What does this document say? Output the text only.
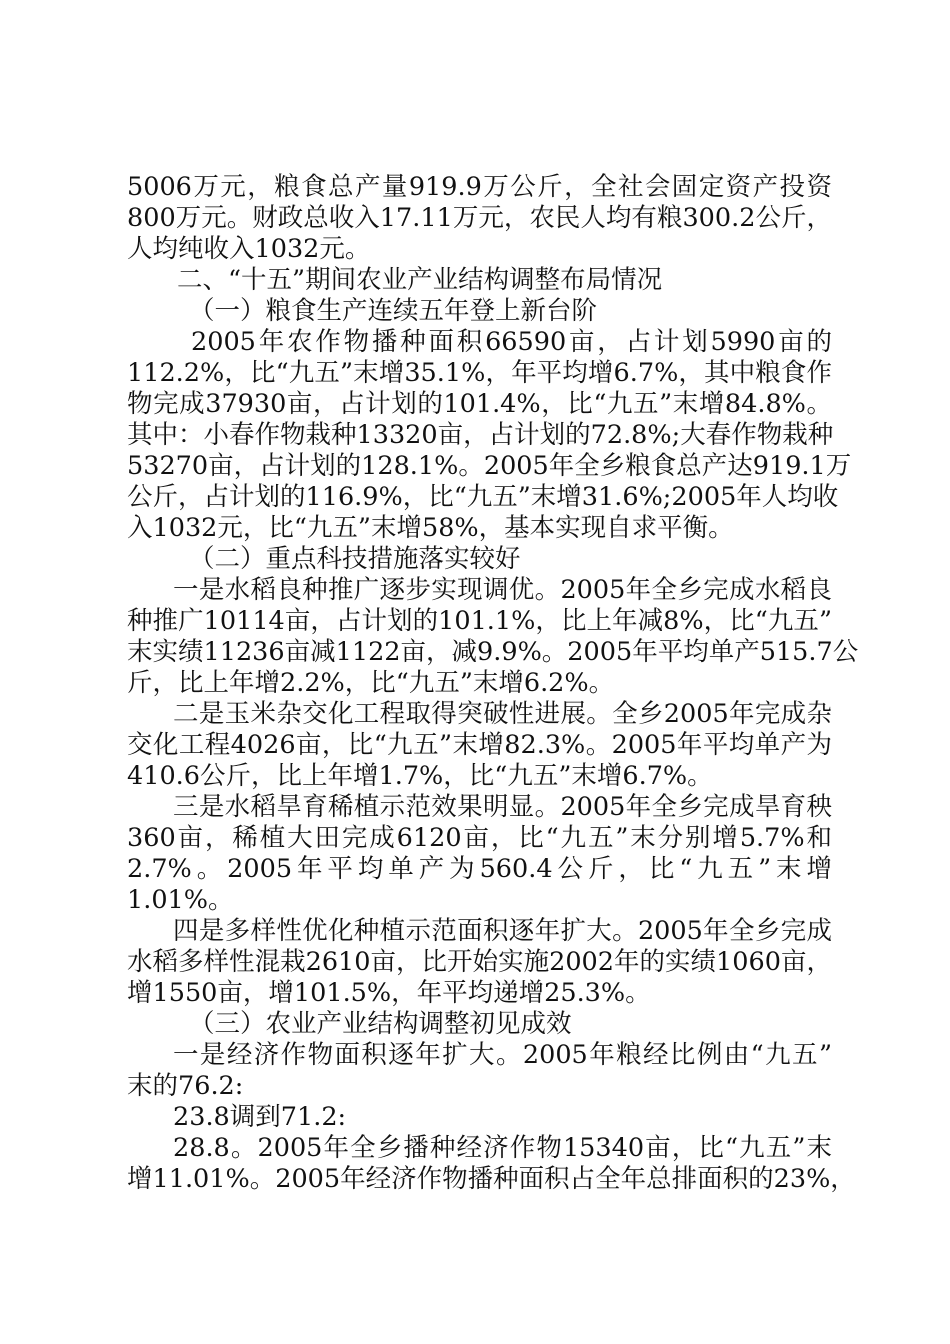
5006万元，粮食总产量919.9万公斤，全社会固定资产投资
800万元。财政总收入17.11万元，农民人均有粮300.2公斤，
人均纯收入1032元。
二、“十五”期间农业产业结构调整布局情况
（一）粮食生产连续五年登上新台阶
2005年农作物播种面积66590亩，占计划5990亩的
112.2%，比“九五”末增35.1%，年平均增6.7%，其中粮食作
物完成37930亩，占计划的101.4%，比“九五”末增84.8%。
其中：小春作物栽种13320亩，占计划的72.8%;大春作物栽种
53270亩，占计划的128.1%。2005年全乡粮食总产达919.1万
公斤，占计划的116.9%，比“九五”末增31.6%;2005年人均收
入1032元，比“九五”末增58%，基本实现自求平衡。
（二）重点科技措施落实较好
一是水稻良种推广逐步实现调优。2005年全乡完成水稻良
种推广10114亩，占计划的101.1%，比上年减8%，比“九五”
末实绩11236亩减1122亩，减9.9%。2005年平均单产515.7公
斤，比上年增2.2%，比“九五”末增6.2%。
二是玉米杂交化工程取得突破性进展。全乡2005年完成杂
交化工程4026亩，比“九五”末增82.3%。2005年平均单产为
410.6公斤，比上年增1.7%，比“九五”末增6.7%。
三是水稻旱育稀植示范效果明显。2005年全乡完成旱育秧
360亩，稀植大田完成6120亩，比“九五”末分别增5.7%和
2.7%。2005年平均单产为560.4公斤，比“九五”末增
1.01%。
四是多样性优化种植示范面积逐年扩大。2005年全乡完成
水稻多样性混栽2610亩，比开始实施2002年的实绩1060亩，
增1550亩，增101.5%，年平均递增25.3%。
（三）农业产业结构调整初见成效
一是经济作物面积逐年扩大。2005年粮经比例由“九五”
末的76.2:
23.8调到71.2:
28.8。2005年全乡播种经济作物15340亩，比“九五”末
增11.01%。2005年经济作物播种面积占全年总排面积的23%，
